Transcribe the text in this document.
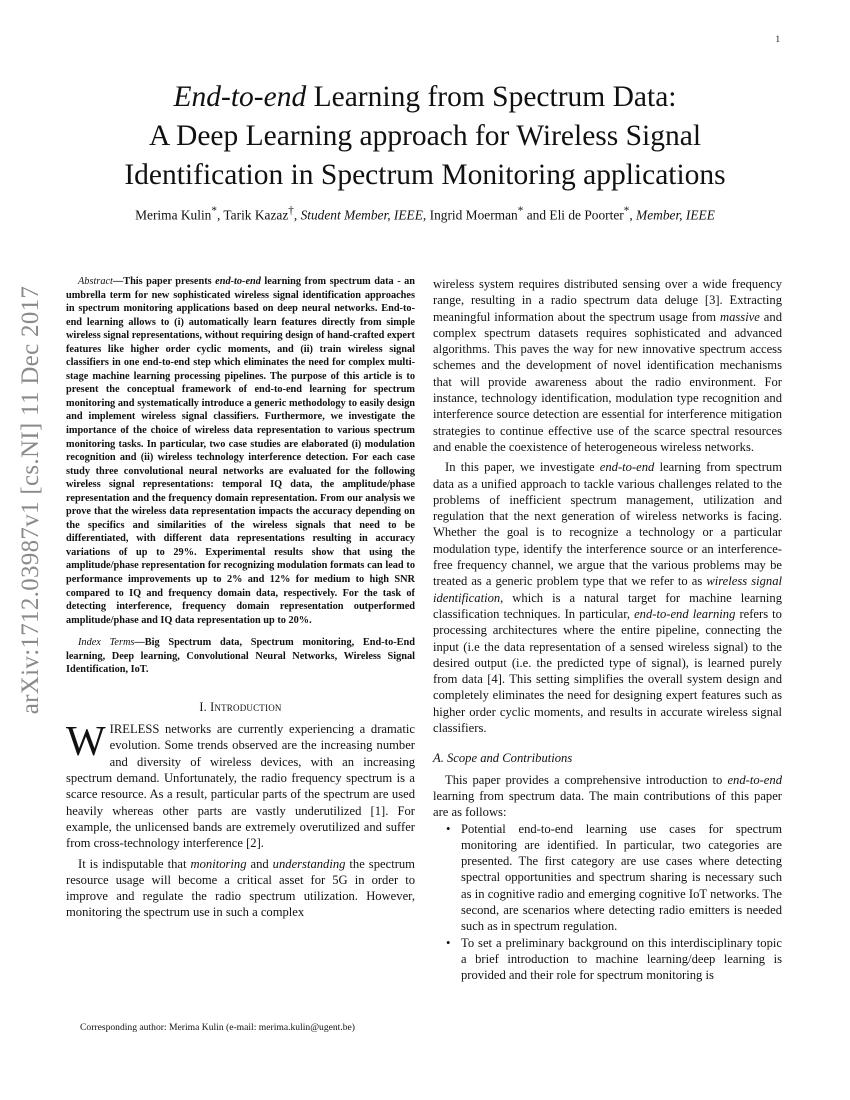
1
End-to-end Learning from Spectrum Data:
A Deep Learning approach for Wireless Signal
Identification in Spectrum Monitoring applications
Merima Kulin*, Tarik Kazaz†, Student Member, IEEE, Ingrid Moerman* and Eli de Poorter*, Member, IEEE
arXiv:1712.03987v1 [cs.NI] 11 Dec 2017

Abstract—This paper presents end-to-end learning from spectrum data - an umbrella term for new sophisticated wireless signal identification approaches in spectrum monitoring applications based on deep neural networks. End-to-end learning allows to (i) automatically learn features directly from simple wireless signal representations, without requiring design of hand-crafted expert features like higher order cyclic moments, and (ii) train wireless signal classifiers in one end-to-end step which eliminates the need for complex multi-stage machine learning processing pipelines. The purpose of this article is to present the conceptual framework of end-to-end learning for spectrum monitoring and systematically introduce a generic methodology to easily design and implement wireless signal classifiers. Furthermore, we investigate the importance of the choice of wireless data representation to various spectrum monitoring tasks. In particular, two case studies are elaborated (i) modulation recognition and (ii) wireless technology interference detection. For each case study three convolutional neural networks are evaluated for the following wireless signal representations: temporal IQ data, the amplitude/phase representation and the frequency domain representation. From our analysis we prove that the wireless data representation impacts the accuracy depending on the specifics and similarities of the wireless signals that need to be differentiated, with different data representations resulting in accuracy variations of up to 29%. Experimental results show that using the amplitude/phase representation for recognizing modulation formats can lead to performance improvements up to 2% and 12% for medium to high SNR compared to IQ and frequency domain data, respectively. For the task of detecting interference, frequency domain representation outperformed amplitude/phase and IQ data representation up to 20%.

Index Terms—Big Spectrum data, Spectrum monitoring, End-to-End learning, Deep learning, Convolutional Neural Networks, Wireless Signal Identification, IoT.

I. Introduction

WIRELESS networks are currently experiencing a dramatic evolution. Some trends observed are the increasing number and diversity of wireless devices, with an increasing spectrum demand. Unfortunately, the radio frequency spectrum is a scarce resource. As a result, particular parts of the spectrum are used heavily whereas other parts are vastly underutilized [1]. For example, the unlicensed bands are extremely overutilized and suffer from cross-technology interference [2].

It is indisputable that monitoring and understanding the spectrum resource usage will become a critical asset for 5G in order to improve and regulate the radio spectrum utilization. However, monitoring the spectrum use in such a complex

wireless system requires distributed sensing over a wide frequency range, resulting in a radio spectrum data deluge [3]. Extracting meaningful information about the spectrum usage from massive and complex spectrum datasets requires sophisticated and advanced algorithms. This paves the way for new innovative spectrum access schemes and the development of novel identification mechanisms that will provide awareness about the radio environment. For instance, technology identification, modulation type recognition and interference source detection are essential for interference mitigation strategies to continue effective use of the scarce spectral resources and enable the coexistence of heterogeneous wireless networks.

In this paper, we investigate end-to-end learning from spectrum data as a unified approach to tackle various challenges related to the problems of inefficient spectrum management, utilization and regulation that the next generation of wireless networks is facing. Whether the goal is to recognize a technology or a particular modulation type, identify the interference source or an interference-free frequency channel, we argue that the various problems may be treated as a generic problem type that we refer to as wireless signal identification, which is a natural target for machine learning classification techniques. In particular, end-to-end learning refers to processing architectures where the entire pipeline, connecting the input (i.e the data representation of a sensed wireless signal) to the desired output (i.e. the predicted type of signal), is learned purely from data [4]. This setting simplifies the overall system design and completely eliminates the need for designing expert features such as higher order cyclic moments, and results in accurate wireless signal classifiers.

A. Scope and Contributions

This paper provides a comprehensive introduction to end-to-end learning from spectrum data. The main contributions of this paper are as follows:

• Potential end-to-end learning use cases for spectrum monitoring are identified. In particular, two categories are presented. The first category are use cases where detecting spectral opportunities and spectrum sharing is necessary such as in cognitive radio and emerging cognitive IoT networks. The second, are scenarios where detecting radio emitters is needed such as in spectrum regulation.
• To set a preliminary background on this interdisciplinary topic a brief introduction to machine learning/deep learning is provided and their role for spectrum monitoring is
Corresponding author: Merima Kulin (e-mail: merima.kulin@ugent.be)
